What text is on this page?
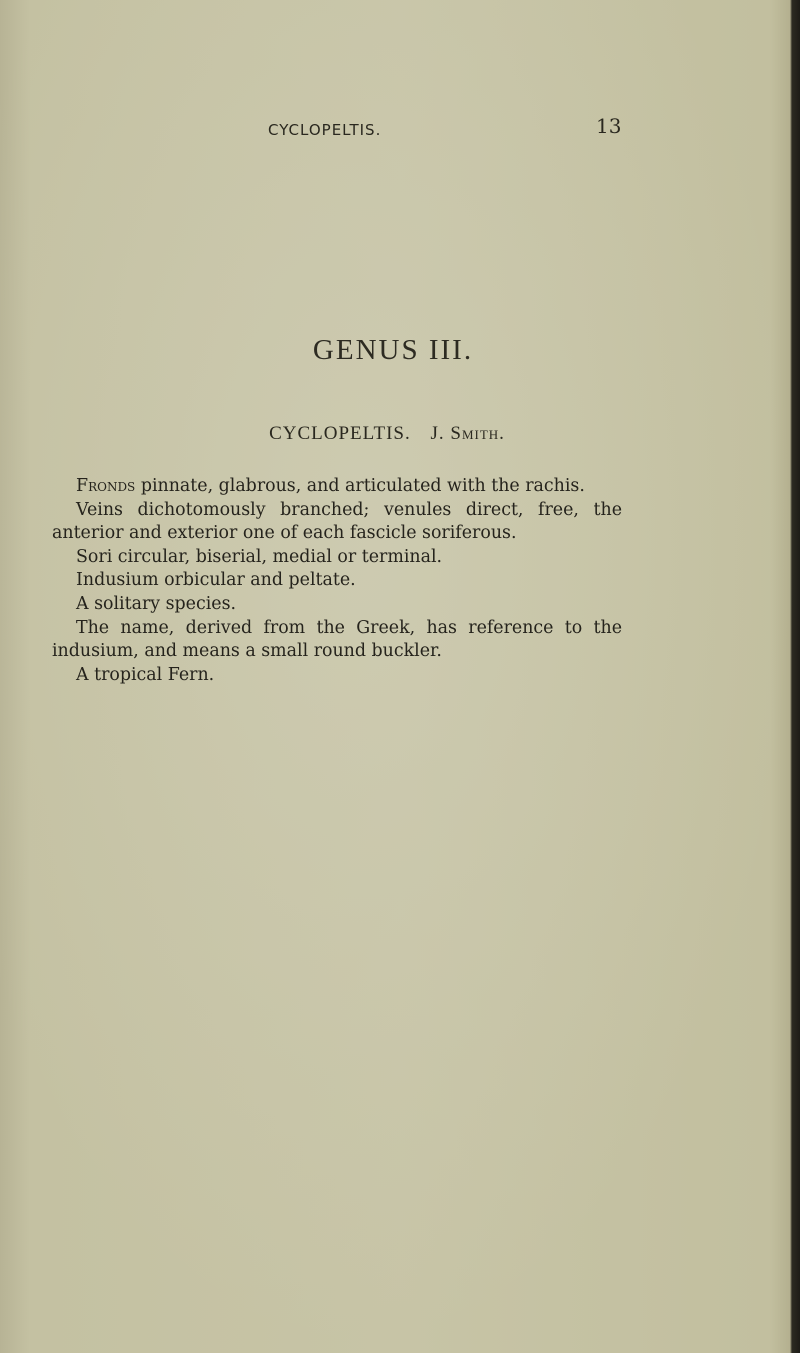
CYCLOPELTIS.	13
GENUS III.
CYCLOPELTIS. J. Smith.

Fronds pinnate, glabrous, and articulated with the rachis.

Veins dichotomously branched; venules direct, free, the anterior and exterior one of each fascicle soriferous.

Sori circular, biserial, medial or terminal.

Indusium orbicular and peltate.

A solitary species.

The name, derived from the Greek, has reference to the indusium, and means a small round buckler.

A tropical Fern.
